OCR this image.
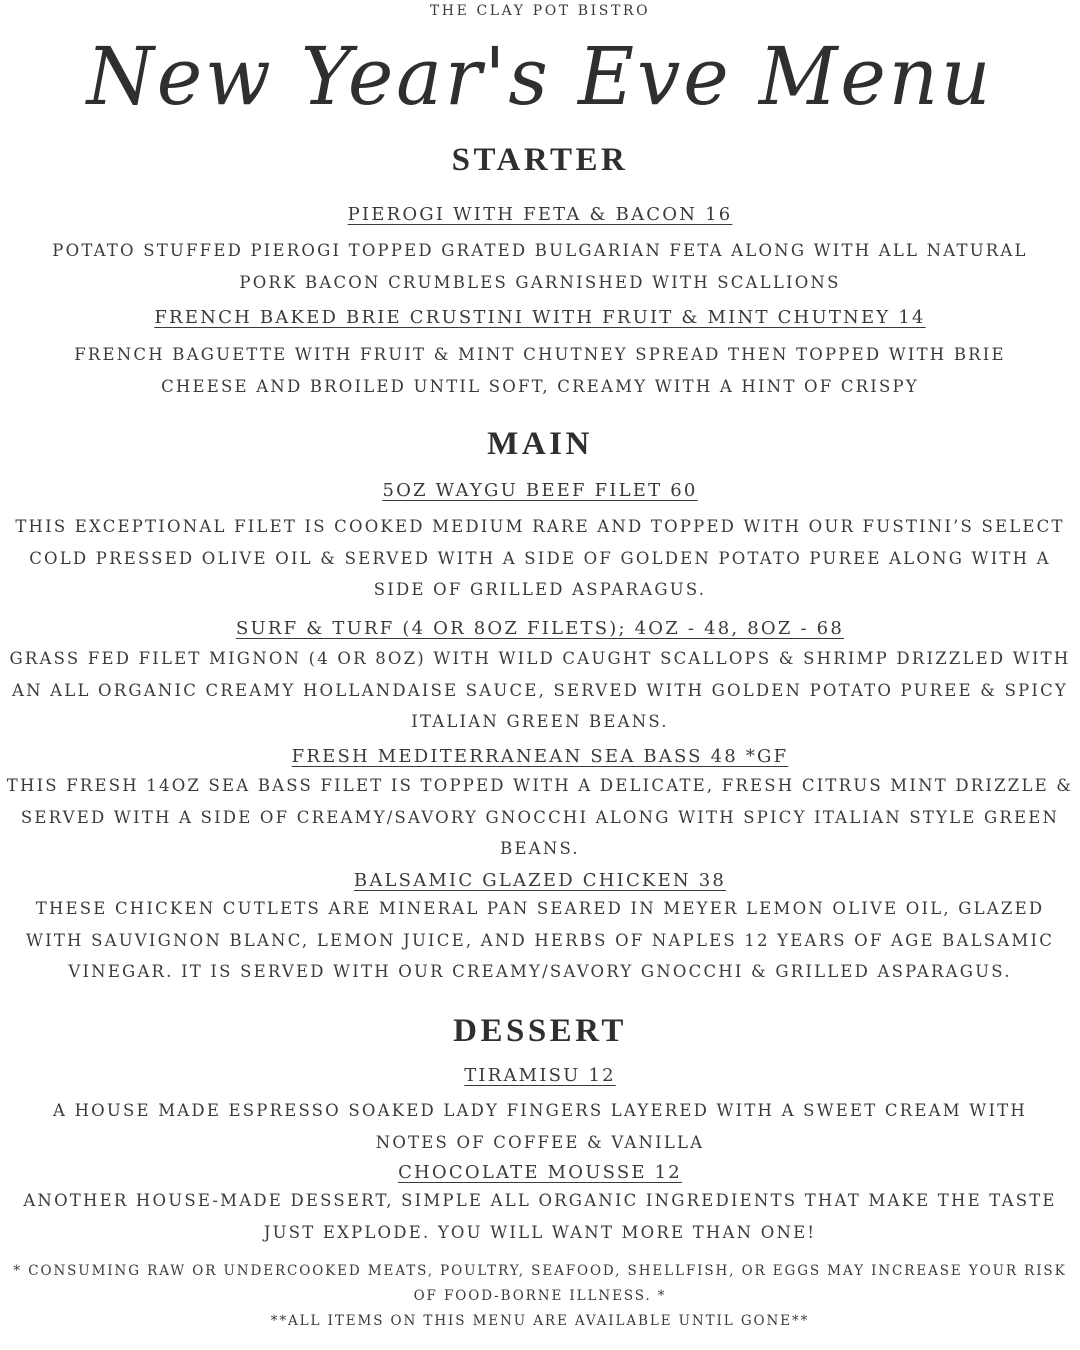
THE CLAY POT BISTRO

New Year's Eve Menu

STARTER

PIEROGI WITH FETA & BACON 16

POTATO STUFFED PIEROGI TOPPED GRATED BULGARIAN FETA ALONG WITH ALL NATURAL
PORK BACON CRUMBLES GARNISHED WITH SCALLIONS

FRENCH BAKED BRIE CRUSTINI WITH FRUIT & MINT CHUTNEY 14

FRENCH BAGUETTE WITH FRUIT & MINT CHUTNEY SPREAD THEN TOPPED WITH BRIE
CHEESE AND BROILED UNTIL SOFT, CREAMY WITH A HINT OF CRISPY

MAIN

5OZ WAYGU BEEF FILET 60

THIS EXCEPTIONAL FILET IS COOKED MEDIUM RARE AND TOPPED WITH OUR FUSTINI’S SELECT
COLD PRESSED OLIVE OIL & SERVED WITH A SIDE OF GOLDEN POTATO PUREE ALONG WITH A
SIDE OF GRILLED ASPARAGUS.

SURF & TURF (4 OR 8OZ FILETS); 4OZ - 48, 8OZ - 68

GRASS FED FILET MIGNON (4 OR 8OZ) WITH WILD CAUGHT SCALLOPS & SHRIMP DRIZZLED WITH
AN ALL ORGANIC CREAMY HOLLANDAISE SAUCE, SERVED WITH GOLDEN POTATO PUREE & SPICY
ITALIAN GREEN BEANS.

FRESH MEDITERRANEAN SEA BASS 48 *GF

THIS FRESH 14OZ SEA BASS FILET IS TOPPED WITH A DELICATE, FRESH CITRUS MINT DRIZZLE &
SERVED WITH A SIDE OF CREAMY/SAVORY GNOCCHI ALONG WITH SPICY ITALIAN STYLE GREEN
BEANS.

BALSAMIC GLAZED CHICKEN 38

THESE CHICKEN CUTLETS ARE MINERAL PAN SEARED IN MEYER LEMON OLIVE OIL, GLAZED
WITH SAUVIGNON BLANC, LEMON JUICE, AND HERBS OF NAPLES 12 YEARS OF AGE BALSAMIC
VINEGAR. IT IS SERVED WITH OUR CREAMY/SAVORY GNOCCHI & GRILLED ASPARAGUS.

DESSERT

TIRAMISU 12

A HOUSE MADE ESPRESSO SOAKED LADY FINGERS LAYERED WITH A SWEET CREAM WITH
NOTES OF COFFEE & VANILLA

CHOCOLATE MOUSSE 12

ANOTHER HOUSE-MADE DESSERT, SIMPLE ALL ORGANIC INGREDIENTS THAT MAKE THE TASTE
JUST EXPLODE. YOU WILL WANT MORE THAN ONE!
* CONSUMING RAW OR UNDERCOOKED MEATS, POULTRY, SEAFOOD, SHELLFISH, OR EGGS MAY INCREASE YOUR RISK
OF FOOD-BORNE ILLNESS. *
**ALL ITEMS ON THIS MENU ARE AVAILABLE UNTIL GONE**
